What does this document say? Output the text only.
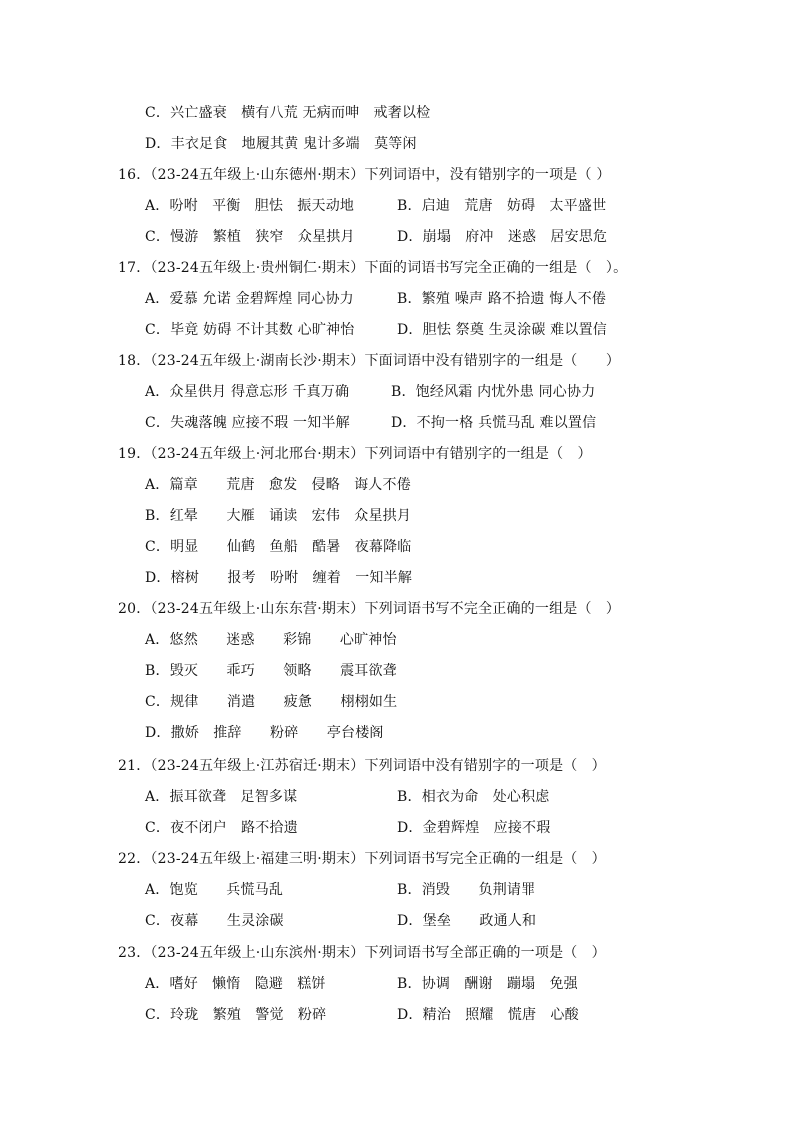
C．兴亡盛衰　横有八荒 无病而呻　戒奢以检
D．丰衣足食　地履其黄 鬼计多端　莫等闲
16．（23-24五年级上·山东德州·期末）下列词语中，没有错别字的一项是（ ）
A．吩咐　平衡　胆怯　振天动地	B．启迪　荒唐　妨碍　太平盛世
C．慢游　繁植　狭窄　众星拱月	D．崩塌　府冲　迷惑　居安思危
17．（23-24五年级上·贵州铜仁·期末）下面的词语书写完全正确的一组是（　）。
A．爱慕 允诺 金碧辉煌 同心协力	B．繁殖 噪声 路不拾遗 悔人不倦
C．毕竟 妨碍 不计其数 心旷神怡	D．胆怯 祭奠 生灵涂碳 难以置信
18．（23-24五年级上·湖南长沙·期末）下面词语中没有错别字的一组是（　　）
A．众星供月 得意忘形 千真万确	B．饱经风霜 内忧外患 同心协力
C．失魂落魄 应接不瑕 一知半解	D．不拘一格 兵慌马乱 难以置信
19．（23-24五年级上·河北邢台·期末）下列词语中有错别字的一组是（　）
A．篇章　　荒唐　愈发　侵略　诲人不倦
B．红晕　　大雁　诵读　宏伟　众星拱月
C．明显　　仙鹤　鱼船　酷暑　夜幕降临
D．榕树　　报考　吩咐　缠着　一知半解
20．（23-24五年级上·山东东营·期末）下列词语书写不完全正确的一组是（　）
A．悠然　　迷惑　　彩锦　　心旷神怡
B．毁灭　　乖巧　　领略　　震耳欲聋
C．规律　　消遣　　疲惫　　栩栩如生
D．撒娇　推辞　　粉碎　　亭台楼阁
21．（23-24五年级上·江苏宿迁·期末）下列词语中没有错别字的一项是（　）
A．振耳欲聋　足智多谋	B．相衣为命　处心积虑
C．夜不闭户　路不拾遗	D．金碧辉煌　应接不瑕
22．（23-24五年级上·福建三明·期末）下列词语书写完全正确的一组是（　）
A．饱览　　兵慌马乱	B．消毁　　负荆请罪
C．夜幕　　生灵涂碳	D．堡垒　　政通人和
23．（23-24五年级上·山东滨州·期末）下列词语书写全部正确的一项是（　）
A．嗜好　懒惰　隐避　糕饼	B．协调　酬谢　蹦塌　免强
C．玲珑　繁殖　警觉　粉碎	D．精治　照耀　慌唐　心酸
